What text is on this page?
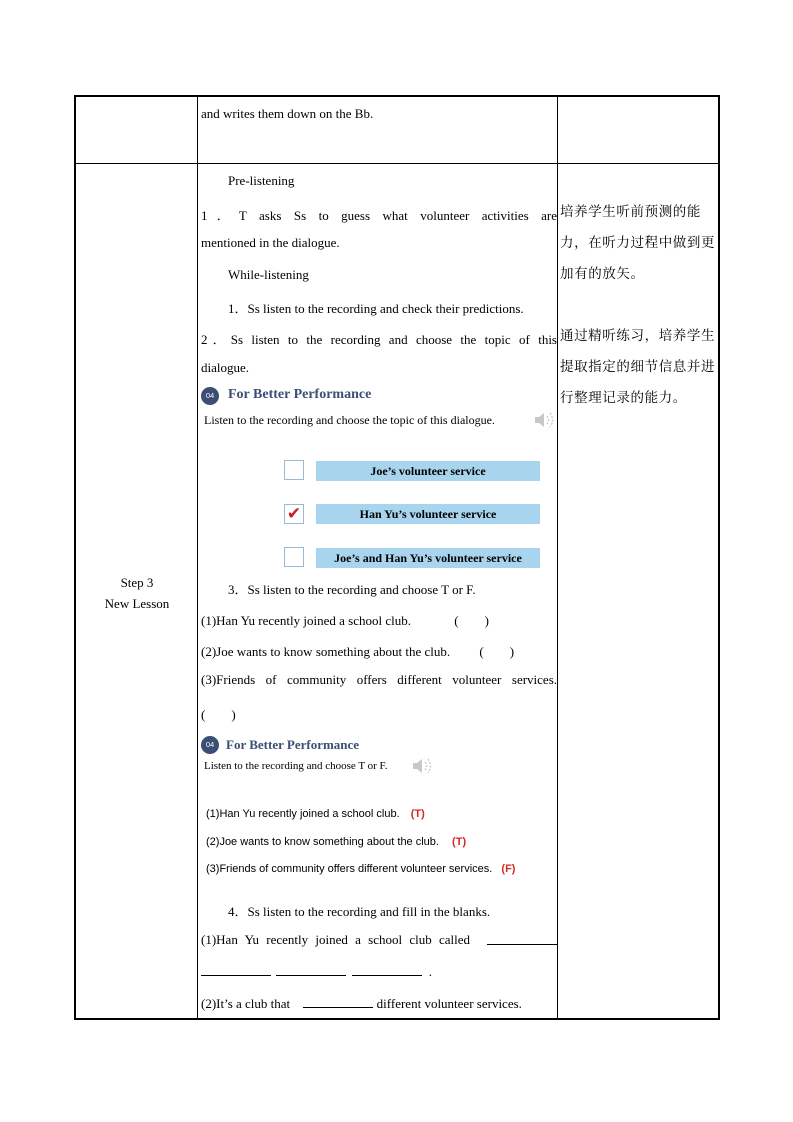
and writes them down on the Bb.
Step 3
New Lesson
Pre-listening
1．T asks Ss to guess what volunteer activities are
mentioned in the dialogue.
While-listening
1．Ss listen to the recording and check their predictions.
2．Ss listen to the recording and choose the topic of this
dialogue.
04 For Better Performance
Listen to the recording and choose the topic of this dialogue.
Joe’s volunteer service
✔	Han Yu’s volunteer service
Joe’s and Han Yu’s volunteer service
3．Ss listen to the recording and choose T or F.
(1)Han Yu recently joined a school club.	(　　)
(2)Joe wants to know something about the club. (　　)
(3)Friends of community offers different volunteer services.
(　　)
04 For Better Performance
Listen to the recording and choose T or F.
(1)Han Yu recently joined a school club. (T)
(2)Joe wants to know something about the club. (T)
(3)Friends of community offers different volunteer services. (F)
4．Ss listen to the recording and fill in the blanks.
(1)Han Yu recently joined a school club called
.
(2)It’s a club that	different volunteer services.
培养学生听前预测的能
力，在听力过程中做到更
加有的放矢。
通过精听练习，培养学生
提取指定的细节信息并进
行整理记录的能力。
